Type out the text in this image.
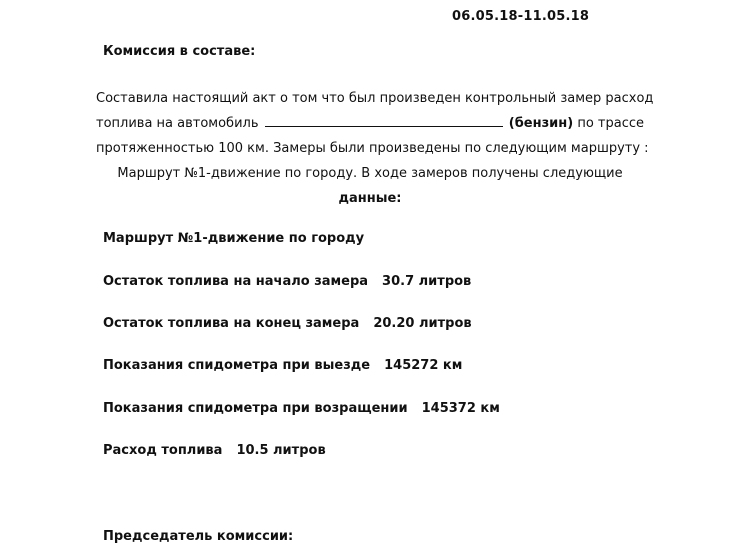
06.05.18-11.05.18
Комиссия в составе:
Составила настоящий акт о том что был произведен контрольный замер расход
топлива на автомобиль	(бензин) по трассе
протяженностью 100 км. Замеры были произведены по следующим маршруту :
Маршрут №1-движение по городу. В ходе замеров получены следующие
данные:
Маршрут №1-движение по городу
Остаток топлива на начало замера 30.7 литров
Остаток топлива на конец замера 20.20 литров
Показания спидометра при выезде 145272 км
Показания спидометра при возращении 145372 км
Расход топлива 10.5 литров
Председатель комиссии:
